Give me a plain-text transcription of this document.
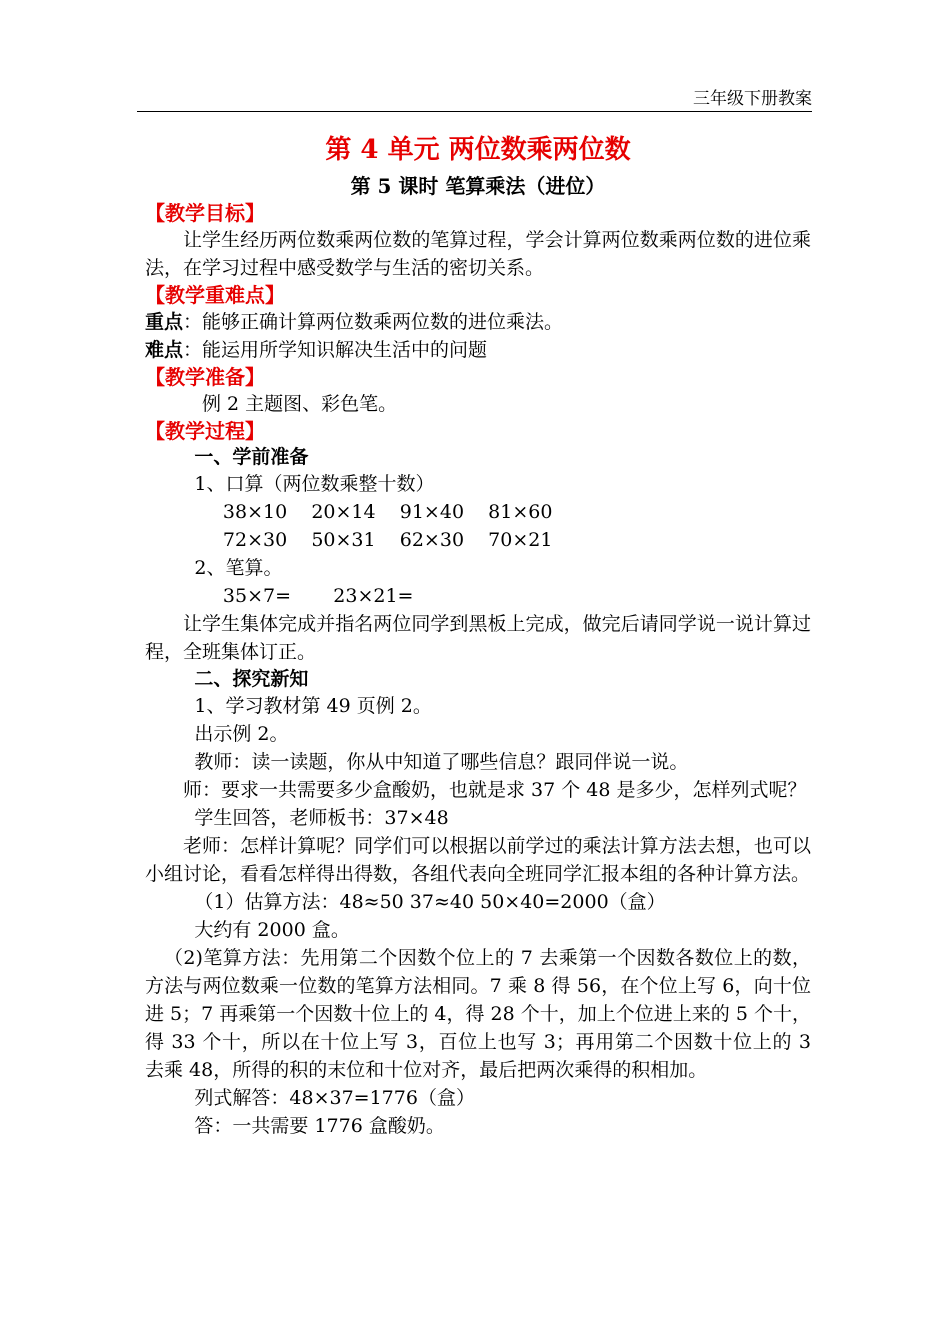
三年级下册教案
第 4 单元 两位数乘两位数
第 5 课时 笔算乘法（进位）
【教学目标】

让学生经历两位数乘两位数的笔算过程，学会计算两位数乘两位数的进位乘法，在学习过程中感受数学与生活的密切关系。

【教学重难点】

重点：能够正确计算两位数乘两位数的进位乘法。

难点：能运用所学知识解决生活中的问题

【教学准备】

例 2 主题图、彩色笔。

【教学过程】
一、学前准备

1、口算（两位数乘整十数）

38×10    20×14    91×40    81×60
72×30    50×31    62×30    70×21

2、笔算。

35×7=       23×21=

让学生集体完成并指名两位同学到黑板上完成，做完后请同学说一说计算过程，全班集体订正。

二、探究新知

1、学习教材第 49 页例 2。

出示例 2。

教师：读一读题，你从中知道了哪些信息？跟同伴说一说。

师：要求一共需要多少盒酸奶，也就是求 37 个 48 是多少，怎样列式呢？

学生回答，老师板书：37×48

老师：怎样计算呢？同学们可以根据以前学过的乘法计算方法去想，也可以小组讨论，看看怎样得出得数，各组代表向全班同学汇报本组的各种计算方法。

（1）估算方法：48≈50 37≈40 50×40=2000（盒）

大约有 2000 盒。

（2)笔算方法：先用第二个因数个位上的 7 去乘第一个因数各数位上的数，方法与两位数乘一位数的笔算方法相同。7 乘 8 得 56，在个位上写 6，向十位进 5；7 再乘第一个因数十位上的 4，得 28 个十，加上个位进上来的 5 个十，得 33 个十，所以在十位上写 3，百位上也写 3；再用第二个因数十位上的 3 去乘 48，所得的积的末位和十位对齐，最后把两次乘得的积相加。

列式解答：48×37=1776（盒）

答：一共需要 1776 盒酸奶。
